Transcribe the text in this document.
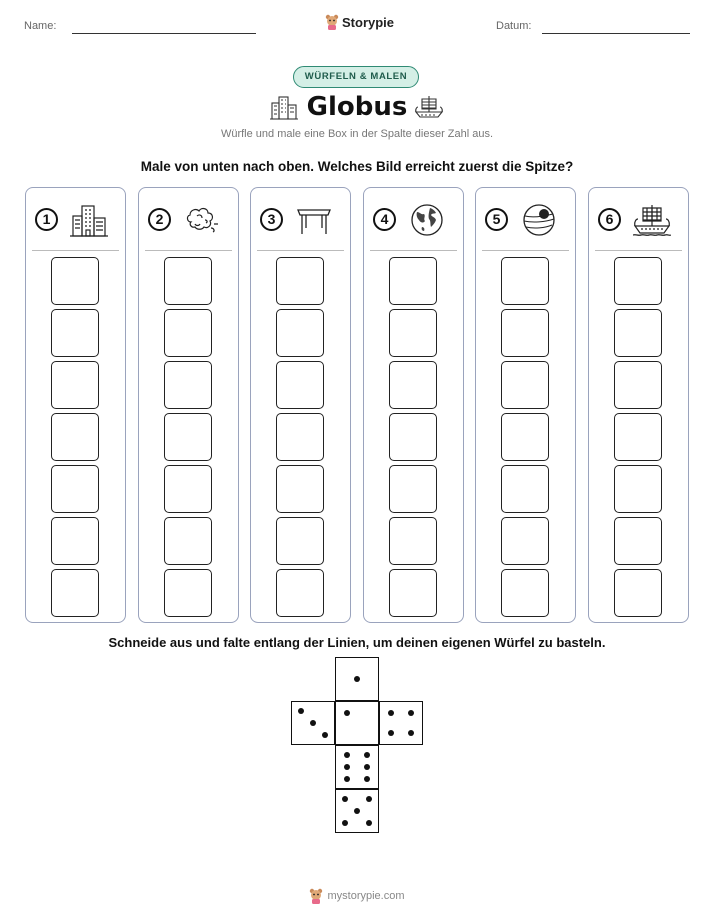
Name:	Storypie	Datum:
WÜRFELN & MALEN
Globus
Würfle und male eine Box in der Spalte dieser Zahl aus.
Male von unten nach oben. Welches Bild erreicht zuerst die Spitze?
1	2	3	4	5	6
Schneide aus und falte entlang der Linien, um deinen eigenen Würfel zu basteln.
mystorypie.com
